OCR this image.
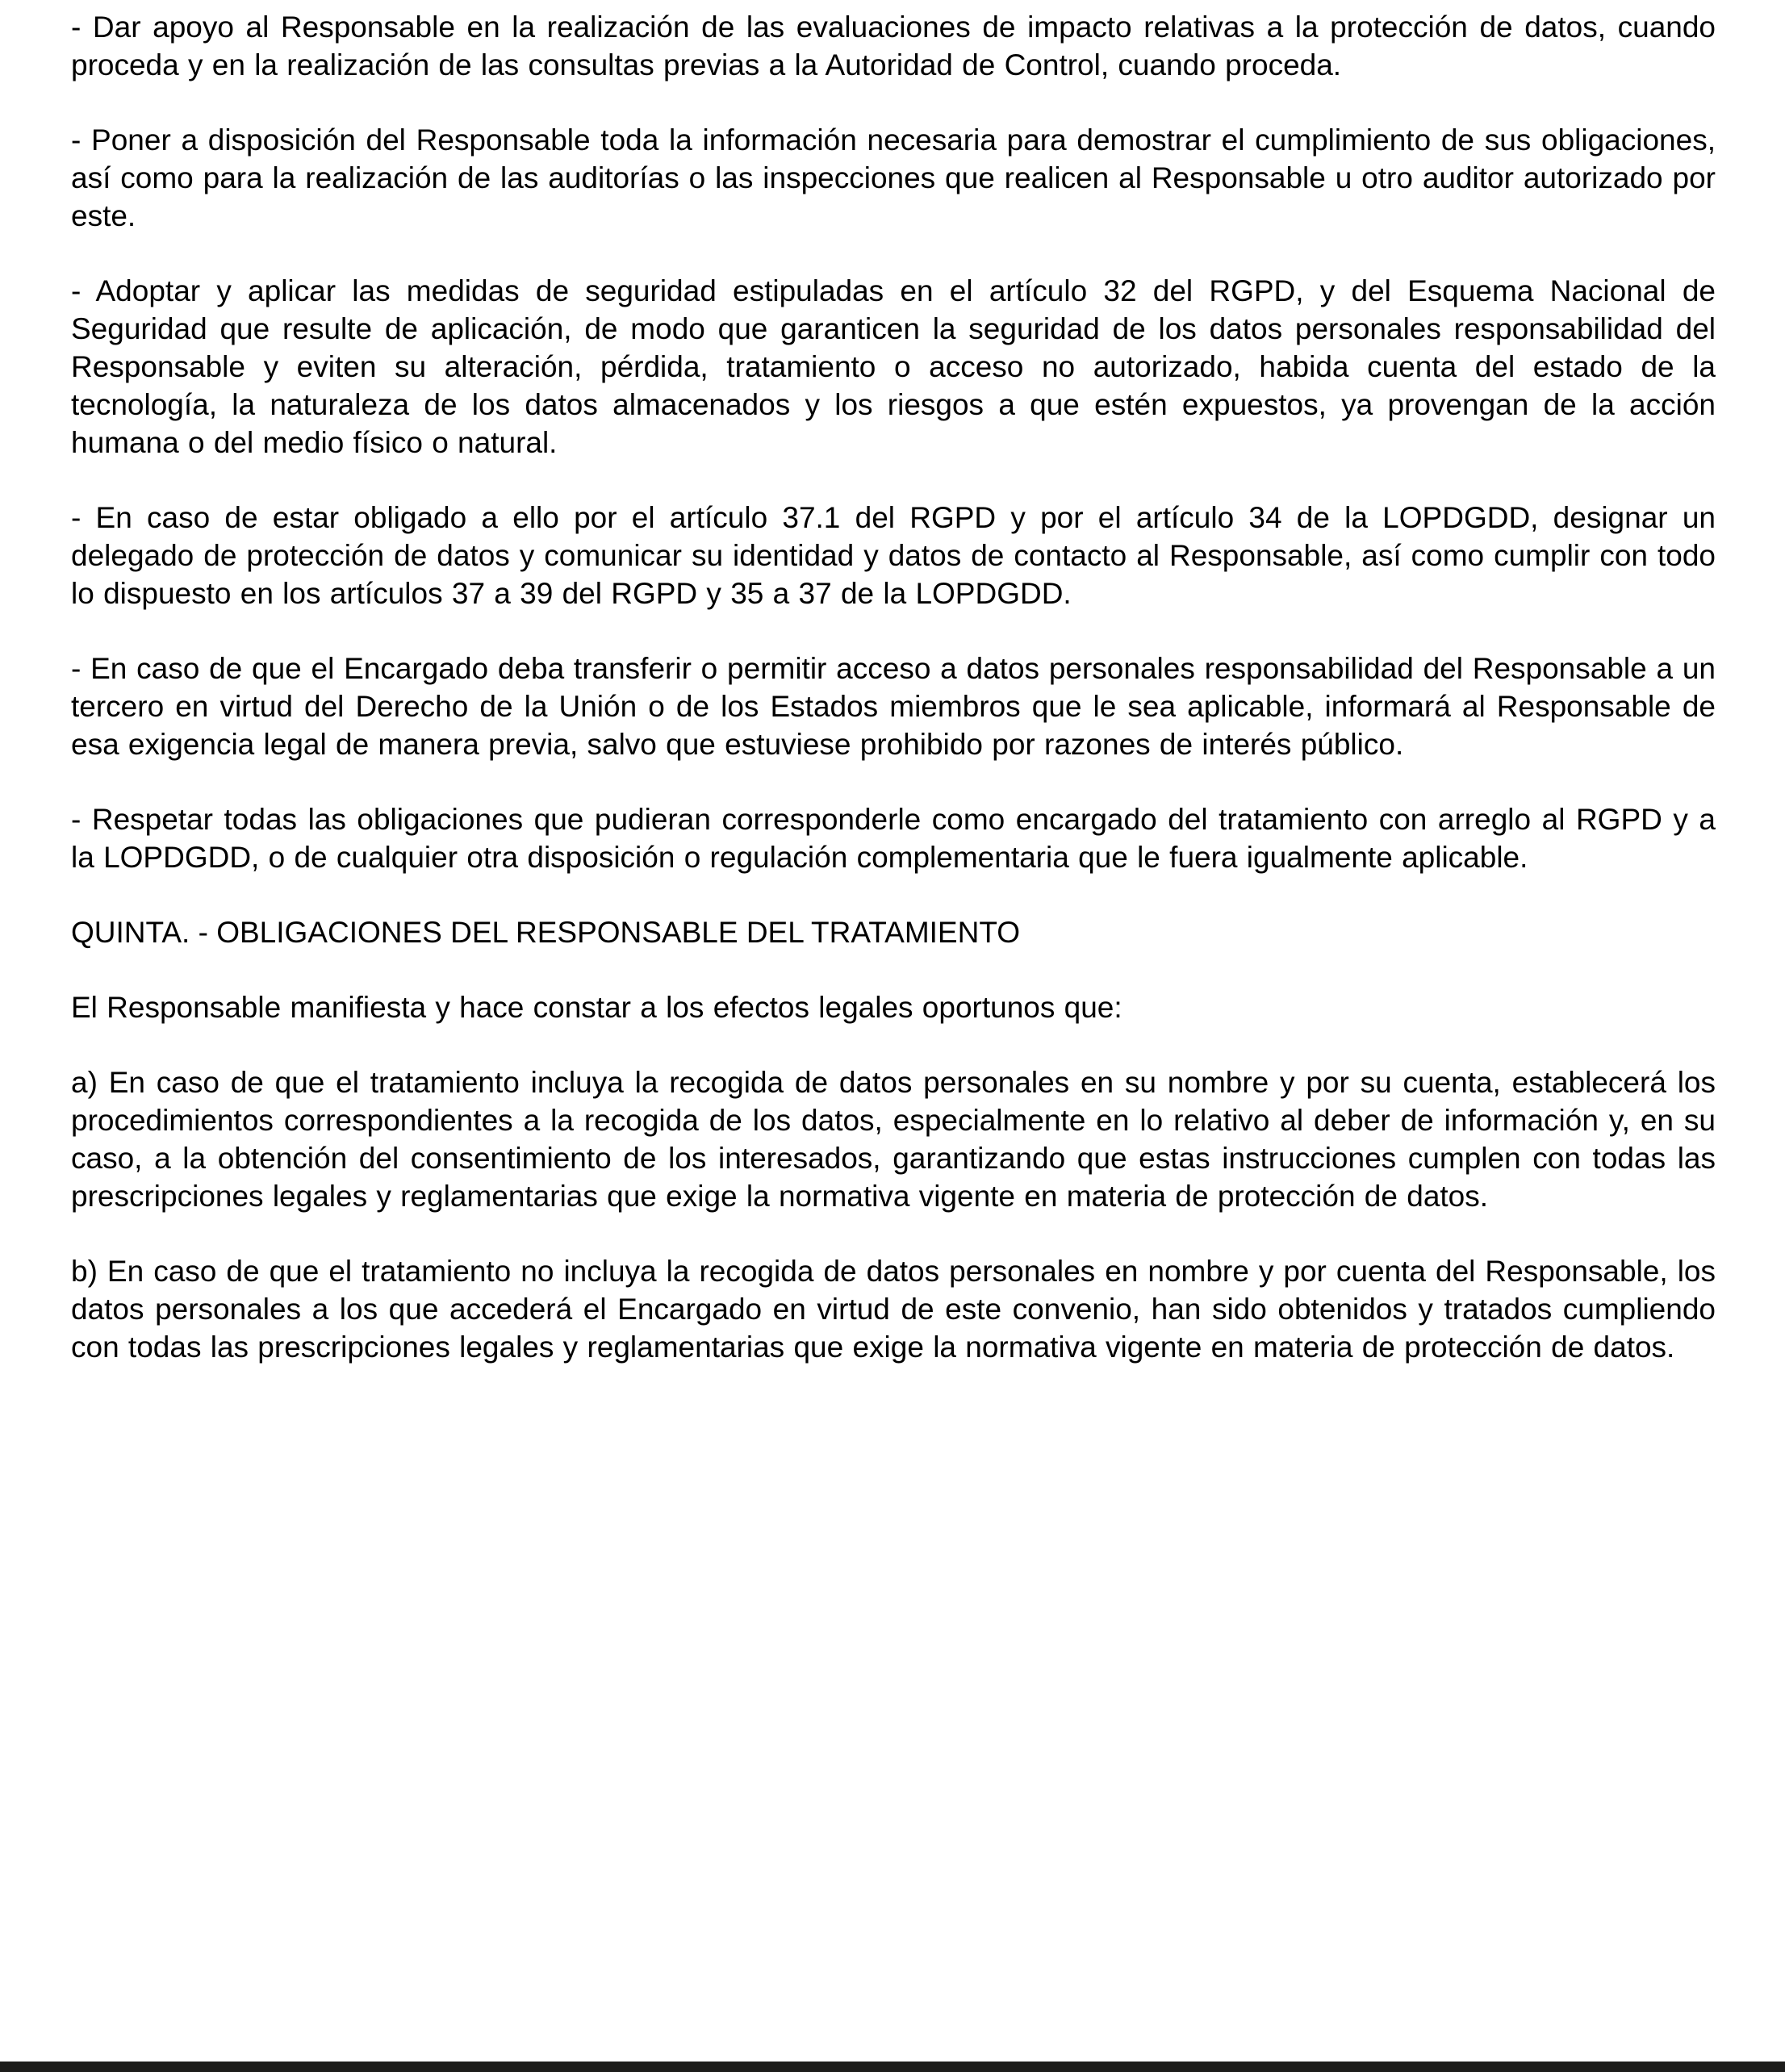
- Dar apoyo al Responsable en la realización de las evaluaciones de impacto relativas a la protección de datos, cuando proceda y en la realización de las consultas previas a la Autoridad de Control, cuando proceda.

- Poner a disposición del Responsable toda la información necesaria para demostrar el cumplimiento de sus obligaciones, así como para la realización de las auditorías o las inspecciones que realicen al Responsable u otro auditor autorizado por este.

- Adoptar y aplicar las medidas de seguridad estipuladas en el artículo 32 del RGPD, y del Esquema Nacional de Seguridad que resulte de aplicación, de modo que garanticen la seguridad de los datos personales responsabilidad del Responsable y eviten su alteración, pérdida, tratamiento o acceso no autorizado, habida cuenta del estado de la tecnología, la naturaleza de los datos almacenados y los riesgos a que estén expuestos, ya provengan de la acción humana o del medio físico o natural.

- En caso de estar obligado a ello por el artículo 37.1 del RGPD y por el artículo 34 de la LOPDGDD, designar un delegado de protección de datos y comunicar su identidad y datos de contacto al Responsable, así como cumplir con todo lo dispuesto en los artículos 37 a 39 del RGPD y 35 a 37 de la LOPDGDD.

- En caso de que el Encargado deba transferir o permitir acceso a datos personales responsabilidad del Responsable a un tercero en virtud del Derecho de la Unión o de los Estados miembros que le sea aplicable, informará al Responsable de esa exigencia legal de manera previa, salvo que estuviese prohibido por razones de interés público.

- Respetar todas las obligaciones que pudieran corresponderle como encargado del tratamiento con arreglo al RGPD y a la LOPDGDD, o de cualquier otra disposición o regulación complementaria que le fuera igualmente aplicable.

QUINTA. - OBLIGACIONES DEL RESPONSABLE DEL TRATAMIENTO

El Responsable manifiesta y hace constar a los efectos legales oportunos que:

a) En caso de que el tratamiento incluya la recogida de datos personales en su nombre y por su cuenta, establecerá los procedimientos correspondientes a la recogida de los datos, especialmente en lo relativo al deber de información y, en su caso, a la obtención del consentimiento de los interesados, garantizando que estas instrucciones cumplen con todas las prescripciones legales y reglamentarias que exige la normativa vigente en materia de protección de datos.

b) En caso de que el tratamiento no incluya la recogida de datos personales en nombre y por cuenta del Responsable, los datos personales a los que accederá el Encargado en virtud de este convenio, han sido obtenidos y tratados cumpliendo con todas las prescripciones legales y reglamentarias que exige la normativa vigente en materia de protección de datos.
